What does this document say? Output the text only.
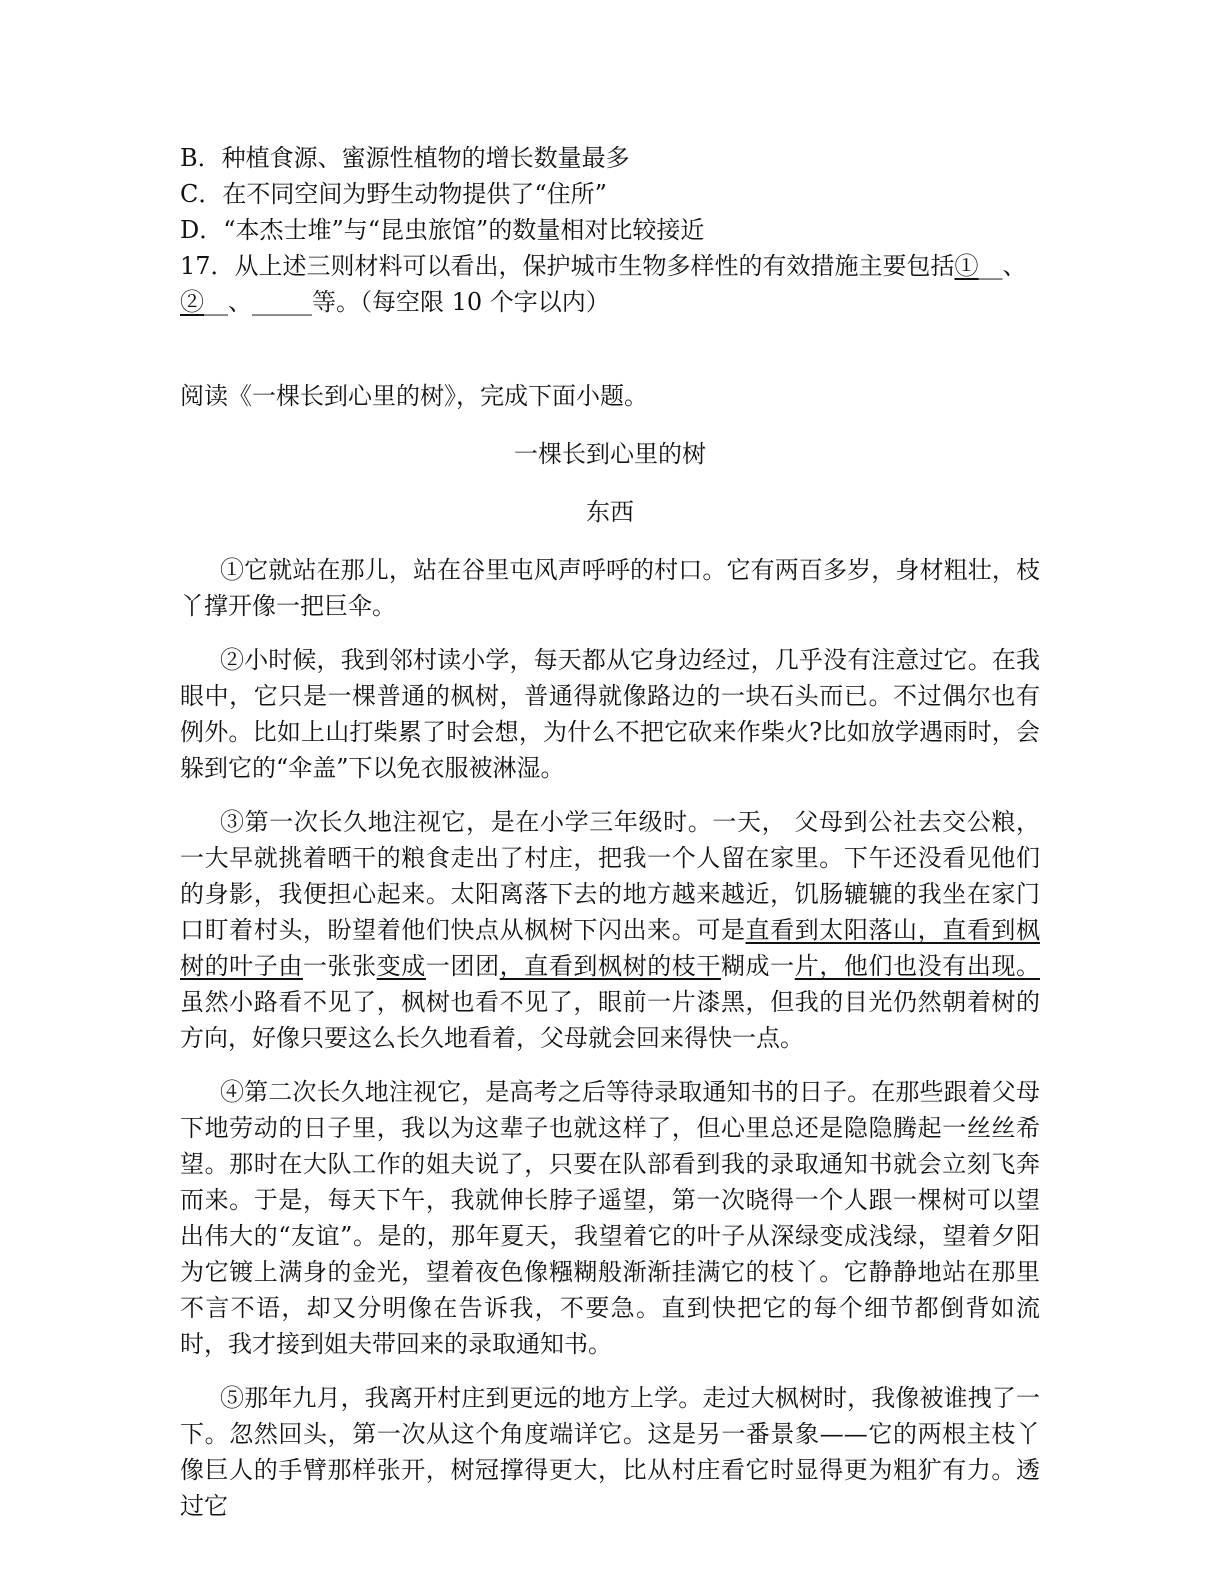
B．种植食源、蜜源性植物的增长数量最多
C．在不同空间为野生动物提供了“住所”
D．“本杰士堆”与“昆虫旅馆”的数量相对比较接近
17．从上述三则材料可以看出，保护城市生物多样性的有效措施主要包括①__、
②__、_____等。（每空限 10 个字以内）
阅读《一棵长到心里的树》，完成下面小题。
一棵长到心里的树
东西
①它就站在那儿，站在谷里屯风声呼呼的村口。它有两百多岁，身材粗壮，枝丫撑开像一把巨伞。
②小时候，我到邻村读小学，每天都从它身边经过，几乎没有注意过它。在我眼中，它只是一棵普通的枫树，普通得就像路边的一块石头而已。不过偶尔也有例外。比如上山打柴累了时会想，为什么不把它砍来作柴火?比如放学遇雨时，会躲到它的“伞盖”下以免衣服被淋湿。
③第一次长久地注视它，是在小学三年级时。一天， 父母到公社去交公粮，一大早就挑着晒干的粮食走出了村庄，把我一个人留在家里。下午还没看见他们的身影，我便担心起来。太阳离落下去的地方越来越近，饥肠辘辘的我坐在家门口盯着村头，盼望着他们快点从枫树下闪出来。可是直看到太阳落山，直看到枫树的叶子由一张张变成一团团，直看到枫树的枝干糊成一片，他们也没有出现。虽然小路看不见了，枫树也看不见了，眼前一片漆黑，但我的目光仍然朝着树的方向，好像只要这么长久地看着，父母就会回来得快一点。
④第二次长久地注视它，是高考之后等待录取通知书的日子。在那些跟着父母下地劳动的日子里，我以为这辈子也就这样了，但心里总还是隐隐腾起一丝丝希望。那时在大队工作的姐夫说了，只要在队部看到我的录取通知书就会立刻飞奔而来。于是，每天下午，我就伸长脖子遥望，第一次晓得一个人跟一棵树可以望出伟大的“友谊”。是的，那年夏天，我望着它的叶子从深绿变成浅绿，望着夕阳为它镀上满身的金光，望着夜色像糨糊般渐渐挂满它的枝丫。它静静地站在那里不言不语，却又分明像在告诉我，不要急。直到快把它的每个细节都倒背如流时，我才接到姐夫带回来的录取通知书。
⑤那年九月，我离开村庄到更远的地方上学。走过大枫树时，我像被谁拽了一下。忽然回头，第一次从这个角度端详它。这是另一番景象——它的两根主枝丫像巨人的手臂那样张开，树冠撑得更大，比从村庄看它时显得更为粗犷有力。透过它
